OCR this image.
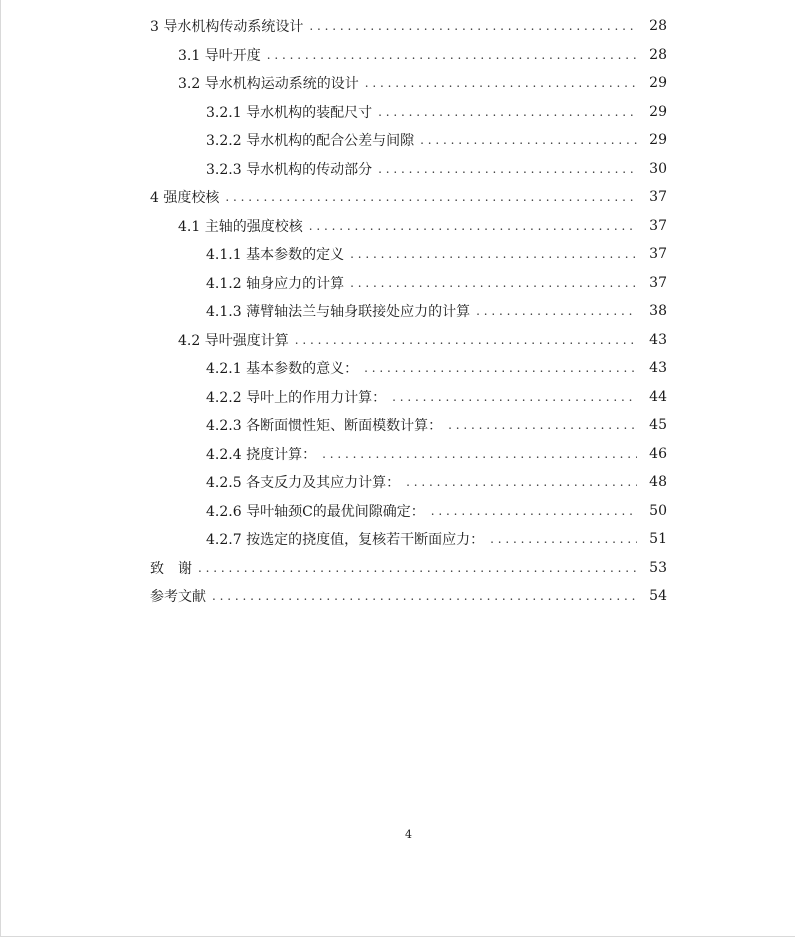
3 导水机构传动系统设计 . . .	28
3.1 导叶开度 . . .	28
3.2 导水机构运动系统的设计 . . .	29
3.2.1 导水机构的装配尺寸 . . .	29
3.2.2 导水机构的配合公差与间隙 . . .	29
3.2.3 导水机构的传动部分 . . .	30
4 强度校核 . . .	37
4.1 主轴的强度校核 . . .	37
4.1.1 基本参数的定义 . . .	37
4.1.2 轴身应力的计算 . . .	37
4.1.3 薄臂轴法兰与轴身联接处应力的计算 . . .	38
4.2 导叶强度计算 . . .	43
4.2.1 基本参数的意义： . . .	43
4.2.2 导叶上的作用力计算： . . .	44
4.2.3 各断面惯性矩、断面模数计算： . . .	45
4.2.4 挠度计算： . . .	46
4.2.5 各支反力及其应力计算： . . .	48
4.2.6 导叶轴颈C的最优间隙确定： . . .	50
4.2.7 按选定的挠度值，复核若干断面应力： . . .	51
致　谢 . . .	53
参考文献 . . .	54
4
